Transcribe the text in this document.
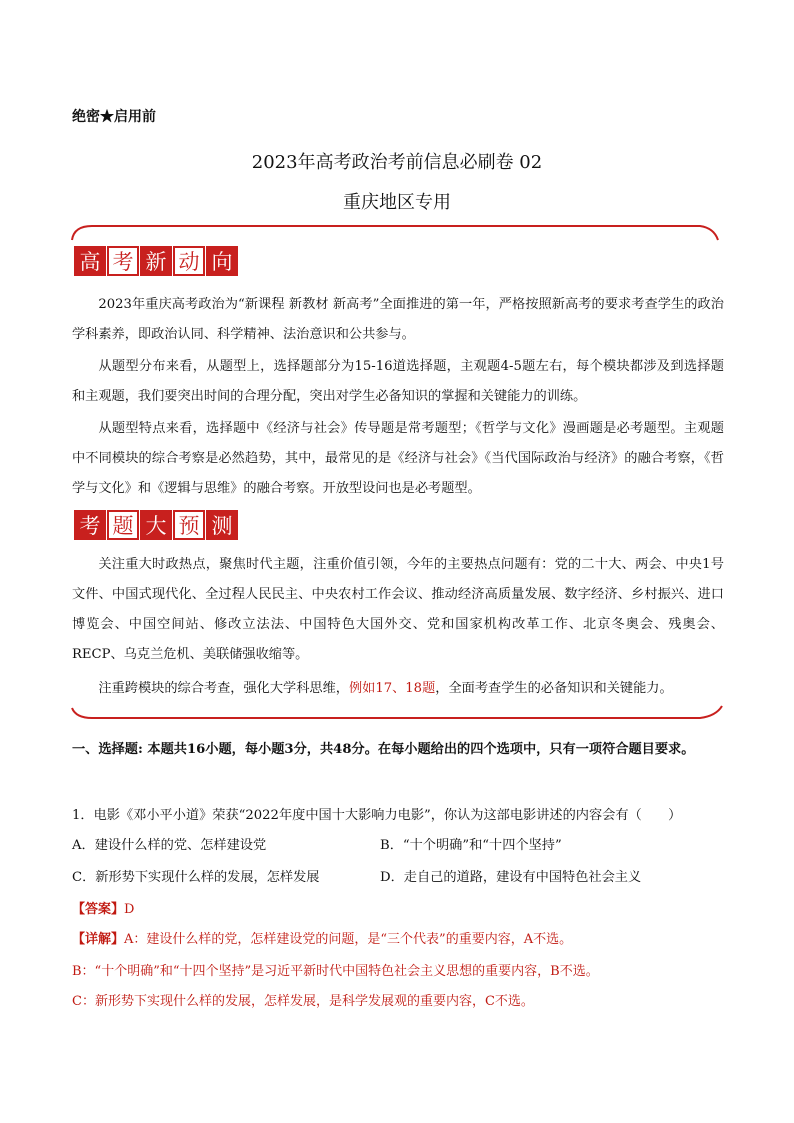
绝密★启用前
2023年高考政治考前信息必刷卷 02
重庆地区专用
高 考 新 动 向
2023年重庆高考政治为“新课程 新教材 新高考”全面推进的第一年，严格按照新高考的要求考查学生的政治学科素养，即政治认同、科学精神、法治意识和公共参与。
从题型分布来看，从题型上，选择题部分为15-16道选择题，主观题4-5题左右，每个模块都涉及到选择题和主观题，我们要突出时间的合理分配，突出对学生必备知识的掌握和关键能力的训练。
从题型特点来看，选择题中《经济与社会》传导题是常考题型；《哲学与文化》漫画题是必考题型。主观题中不同模块的综合考察是必然趋势，其中，最常见的是《经济与社会》《当代国际政治与经济》的融合考察，《哲学与文化》和《逻辑与思维》的融合考察。开放型设问也是必考题型。
考 题 大 预 测
关注重大时政热点，聚焦时代主题，注重价值引领，今年的主要热点问题有：党的二十大、两会、中央1号文件、中国式现代化、全过程人民民主、中央农村工作会议、推动经济高质量发展、数字经济、乡村振兴、进口博览会、中国空间站、修改立法法、中国特色大国外交、党和国家机构改革工作、北京冬奥会、残奥会、RECP、乌克兰危机、美联储强收缩等。
注重跨模块的综合考查，强化大学科思维，例如17、18题，全面考查学生的必备知识和关键能力。
一、选择题: 本题共16小题，每小题3分，共48分。在每小题给出的四个选项中，只有一项符合题目要求。
1．电影《邓小平小道》荣获“2022年度中国十大影响力电影”，你认为这部电影讲述的内容会有（　　）
A．建设什么样的党、怎样建设党	B．“十个明确”和“十四个坚持”
C．新形势下实现什么样的发展，怎样发展	D．走自己的道路，建设有中国特色社会主义
【答案】D
【详解】A：建设什么样的党，怎样建设党的问题，是“三个代表”的重要内容，A不选。
B：“十个明确”和“十四个坚持”是习近平新时代中国特色社会主义思想的重要内容，B不选。
C：新形势下实现什么样的发展，怎样发展，是科学发展观的重要内容，C不选。
